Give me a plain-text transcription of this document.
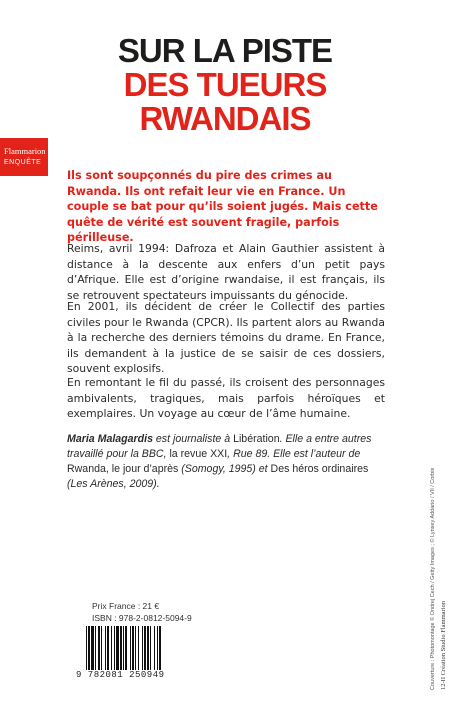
SUR LA PISTE
DES TUEURS
RWANDAIS
Flammarion
ENQUÊTE
Ils sont soupçonnés du pire des crimes au Rwanda. Ils ont refait leur vie en France. Un couple se bat pour qu’ils soient jugés. Mais cette quête de vérité est souvent fragile, parfois périlleuse.

Reims, avril 1994: Dafroza et Alain Gauthier assistent à distance à la descente aux enfers d’un petit pays d’Afrique. Elle est d’origine rwandaise, il est français, ils se retrouvent spectateurs impuissants du génocide.

En 2001, ils décident de créer le Collectif des parties civiles pour le Rwanda (CPCR). Ils partent alors au Rwanda à la recherche des derniers témoins du drame. En France, ils demandent à la justice de se saisir de ces dossiers, souvent explosifs.

En remontant le fil du passé, ils croisent des personnages ambivalents, tragiques, mais parfois héroïques et exemplaires. Un voyage au cœur de l’âme humaine.

Maria Malagardis est journaliste à Libération. Elle a entre autres travaillé pour la BBC, la revue XXI, Rue 89. Elle est l’auteur de Rwanda, le jour d’après (Somogy, 1995) et Des héros ordinaires (Les Arènes, 2009).

Prix France : 21 €
ISBN : 978-2-0812-5094-9
9 782081 250949	Couverture : Photomontage © Ondrej Cech / Getty Images ; © Lynsey Addario / VII / Corbis 12-II Création Studio Flammarion
